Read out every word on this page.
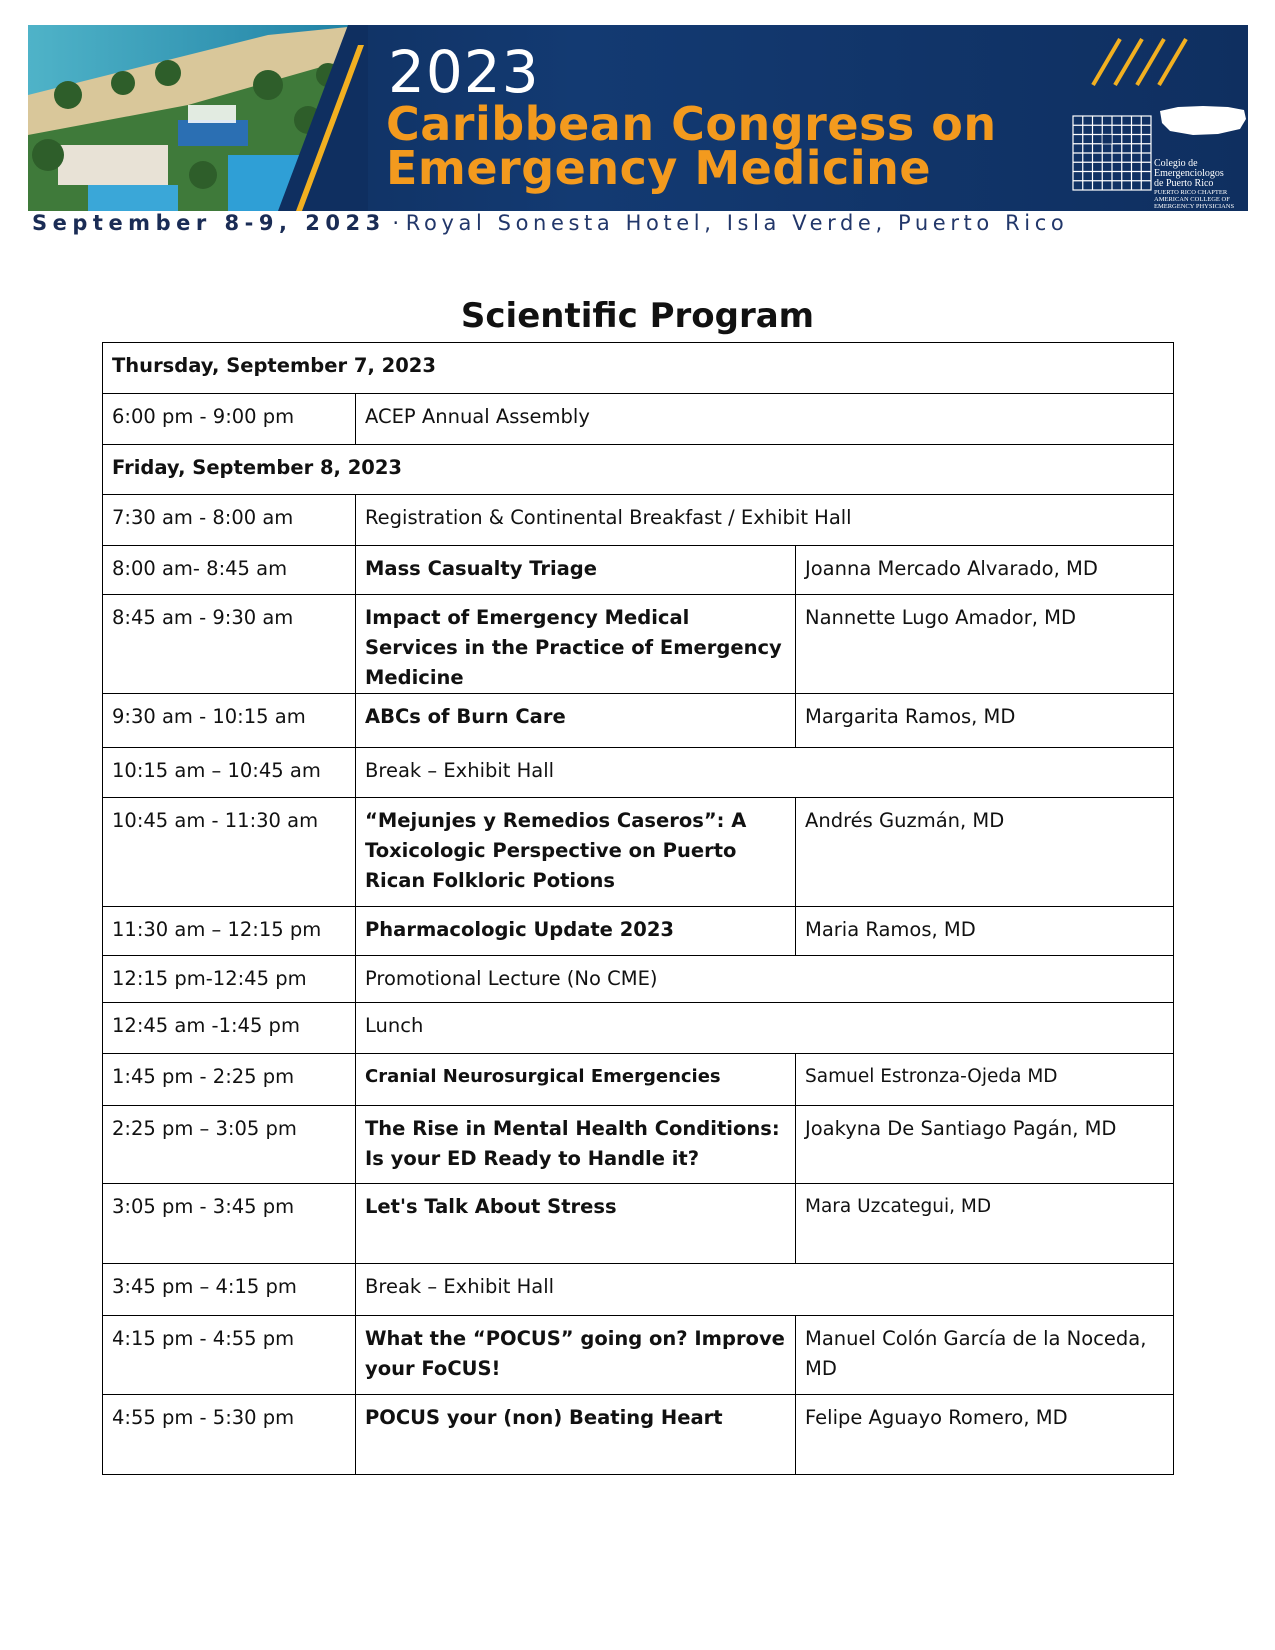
2023
Caribbean Congress on
Emergency Medicine	Colegio de
Emergenciologos
de Puerto Rico
PUERTO RICO CHAPTER
AMERICAN COLLEGE OF
EMERGENCY PHYSICIANS
September 8-9, 2023 · Royal Sonesta Hotel, Isla Verde, Puerto Rico
Scientific Program
Thursday, September 7, 2023		
6:00 pm - 9:00 pm	ACEP Annual Assembly	
Friday, September 8, 2023		
7:30 am - 8:00 am	Registration & Continental Breakfast / Exhibit Hall	
8:00 am- 8:45 am	Mass Casualty Triage	Joanna Mercado Alvarado, MD
8:45 am - 9:30 am	Impact of Emergency Medical Services in the Practice of Emergency Medicine	Nannette Lugo Amador, MD
9:30 am - 10:15 am	ABCs of Burn Care	Margarita Ramos, MD
10:15 am – 10:45 am	Break – Exhibit Hall	
10:45 am - 11:30 am	“Mejunjes y Remedios Caseros”: A Toxicologic Perspective on Puerto Rican Folkloric Potions	Andrés Guzmán, MD
11:30 am – 12:15 pm	Pharmacologic Update 2023	Maria Ramos, MD
12:15 pm-12:45 pm	Promotional Lecture (No CME)	
12:45 am -1:45 pm	Lunch	
1:45 pm - 2:25 pm	Cranial Neurosurgical Emergencies	Samuel Estronza-Ojeda MD
2:25 pm – 3:05 pm	The Rise in Mental Health Conditions: Is your ED Ready to Handle it?	Joakyna De Santiago Pagán, MD
3:05 pm - 3:45 pm	Let's Talk About Stress	Mara Uzcategui, MD
3:45 pm – 4:15 pm	Break – Exhibit Hall	
4:15 pm - 4:55 pm	What the “POCUS” going on? Improve your FoCUS!	Manuel Colón García de la Noceda, MD
4:55 pm - 5:30 pm	POCUS your (non) Beating Heart	Felipe Aguayo Romero, MD
